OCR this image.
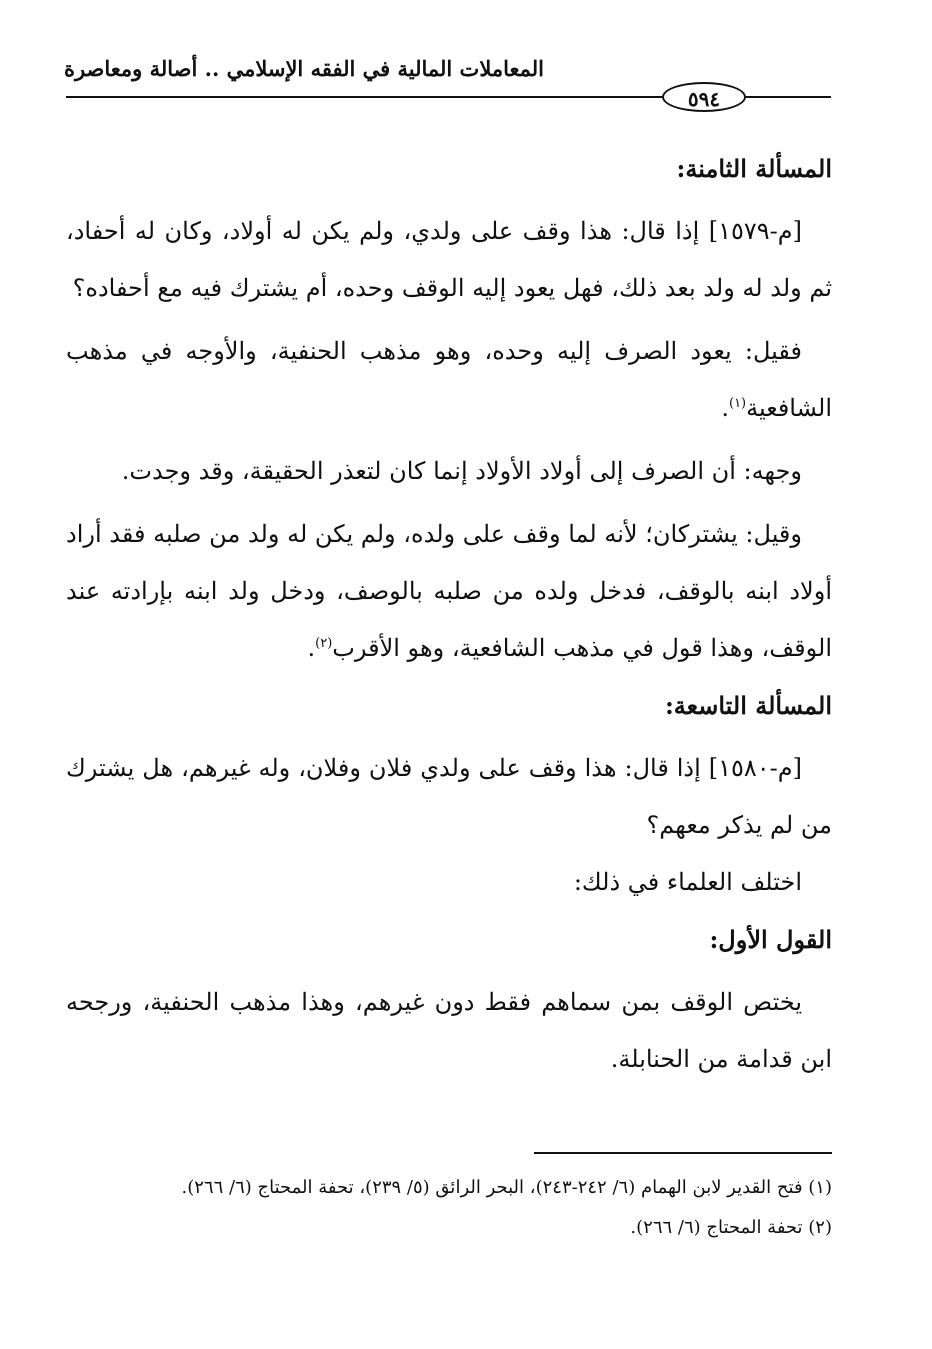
المعاملات المالية في الفقه الإسلامي .. أصالة ومعاصرة
٥٩٤

المسألة الثامنة:

[م-١٥٧٩] إذا قال: هذا وقف على ولدي، ولم يكن له أولاد، وكان له أحفاد، ثم ولد له ولد بعد ذلك، فهل يعود إليه الوقف وحده، أم يشترك فيه مع أحفاده؟

فقيل: يعود الصرف إليه وحده، وهو مذهب الحنفية، والأوجه في مذهب الشافعية$^{(١)}$.

وجهه: أن الصرف إلى أولاد الأولاد إنما كان لتعذر الحقيقة، وقد وجدت.

وقيل: يشتركان؛ لأنه لما وقف على ولده، ولم يكن له ولد من صلبه فقد أراد أولاد ابنه بالوقف، فدخل ولده من صلبه بالوصف، ودخل ولد ابنه بإرادته عند الوقف، وهذا قول في مذهب الشافعية، وهو الأقرب$^{(٢)}$.

المسألة التاسعة:

[م-١٥٨٠] إذا قال: هذا وقف على ولدي فلان وفلان، وله غيرهم، هل يشترك من لم يذكر معهم؟

اختلف العلماء في ذلك:

القول الأول:

يختص الوقف بمن سماهم فقط دون غيرهم، وهذا مذهب الحنفية، ورجحه ابن قدامة من الحنابلة.

(١) فتح القدير لابن الهمام (٦/ ٢٤٢-٢٤٣)، البحر الرائق (٥/ ٢٣٩)، تحفة المحتاج (٦/ ٢٦٦).

(٢) تحفة المحتاج (٦/ ٢٦٦).
